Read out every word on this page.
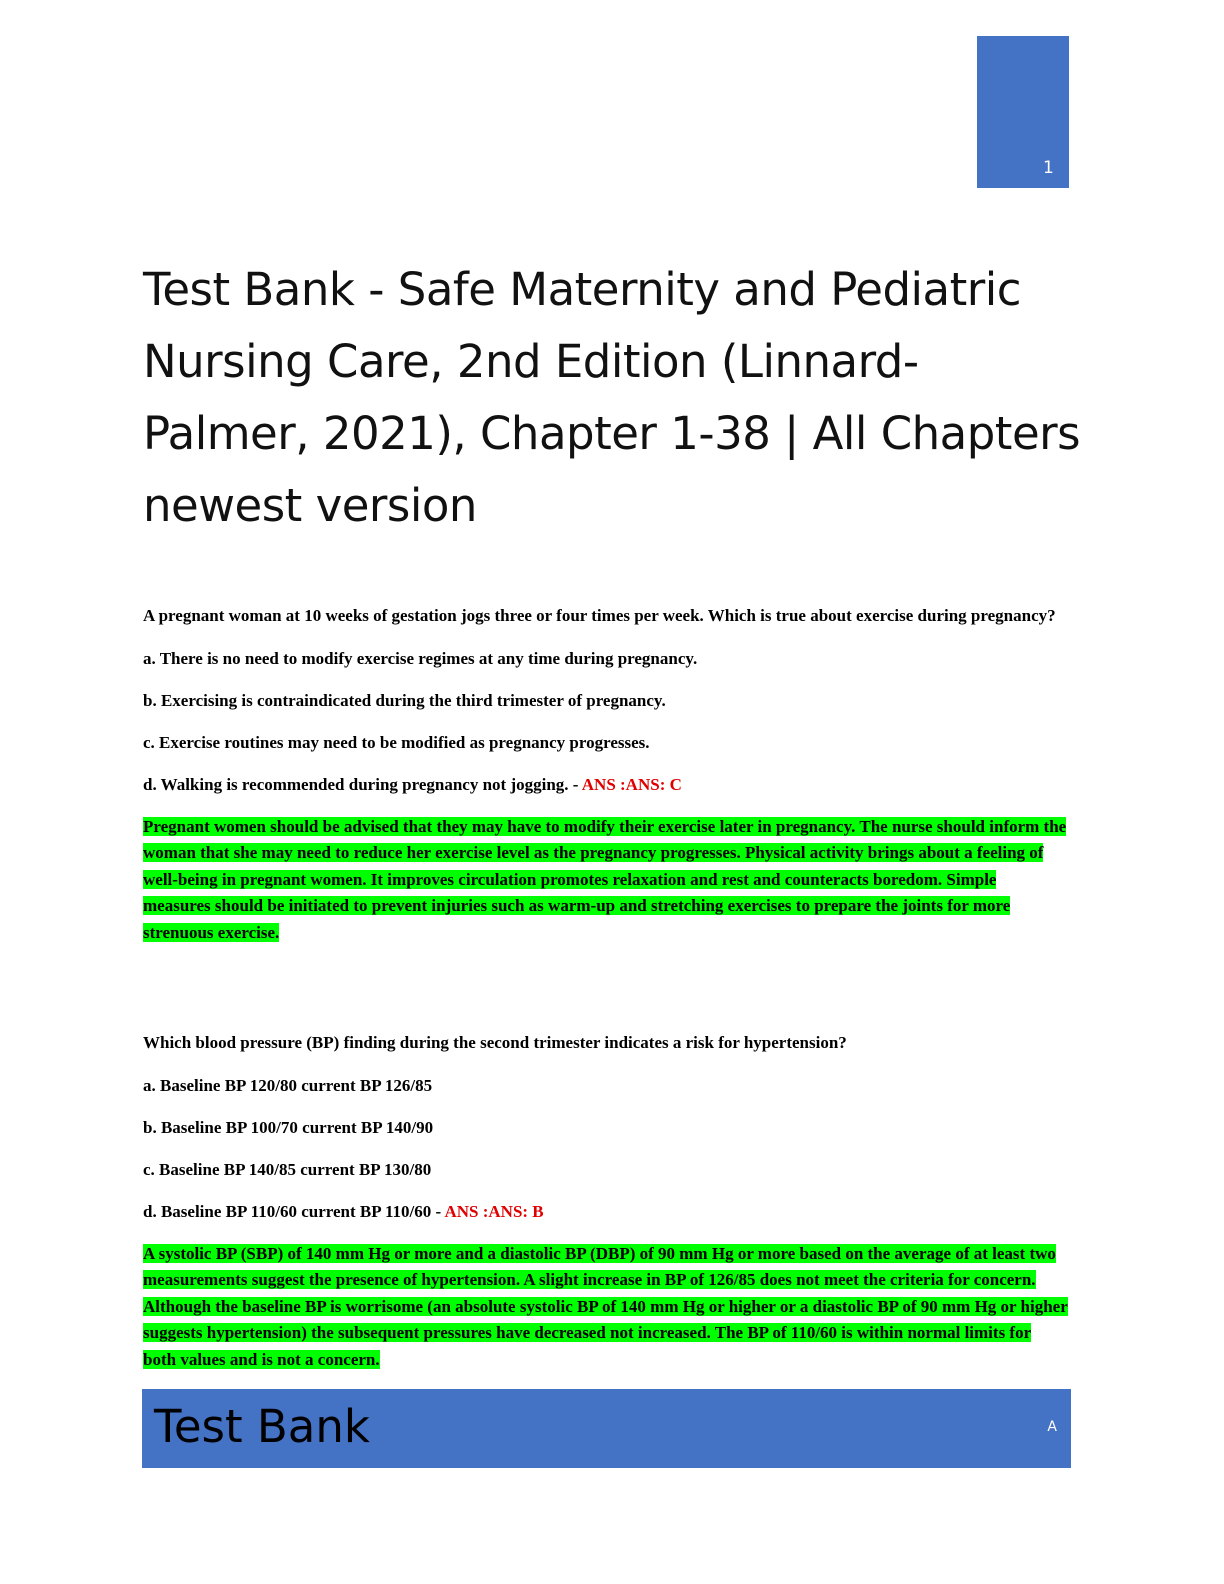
1
Test Bank - Safe Maternity and Pediatric Nursing Care, 2nd Edition (Linnard-Palmer, 2021), Chapter 1-38 | All Chapters newest version

A pregnant woman at 10 weeks of gestation jogs three or four times per week. Which is true about exercise during pregnancy?

a. There is no need to modify exercise regimes at any time during pregnancy.

b. Exercising is contraindicated during the third trimester of pregnancy.

c. Exercise routines may need to be modified as pregnancy progresses.

d. Walking is recommended during pregnancy not jogging. - ANS :ANS: C

Pregnant women should be advised that they may have to modify their exercise later in pregnancy. The nurse should inform the woman that she may need to reduce her exercise level as the pregnancy progresses. Physical activity brings about a feeling of well-being in pregnant women. It improves circulation promotes relaxation and rest and counteracts boredom. Simple measures should be initiated to prevent injuries such as warm-up and stretching exercises to prepare the joints for more strenuous exercise.

Which blood pressure (BP) finding during the second trimester indicates a risk for hypertension?

a. Baseline BP 120/80 current BP 126/85

b. Baseline BP 100/70 current BP 140/90

c. Baseline BP 140/85 current BP 130/80

d. Baseline BP 110/60 current BP 110/60 - ANS :ANS: B

A systolic BP (SBP) of 140 mm Hg or more and a diastolic BP (DBP) of 90 mm Hg or more based on the average of at least two measurements suggest the presence of hypertension. A slight increase in BP of 126/85 does not meet the criteria for concern. Although the baseline BP is worrisome (an absolute systolic BP of 140 mm Hg or higher or a diastolic BP of 90 mm Hg or higher suggests hypertension) the subsequent pressures have decreased not increased. The BP of 110/60 is within normal limits for both values and is not a concern.

Test Bank	A
